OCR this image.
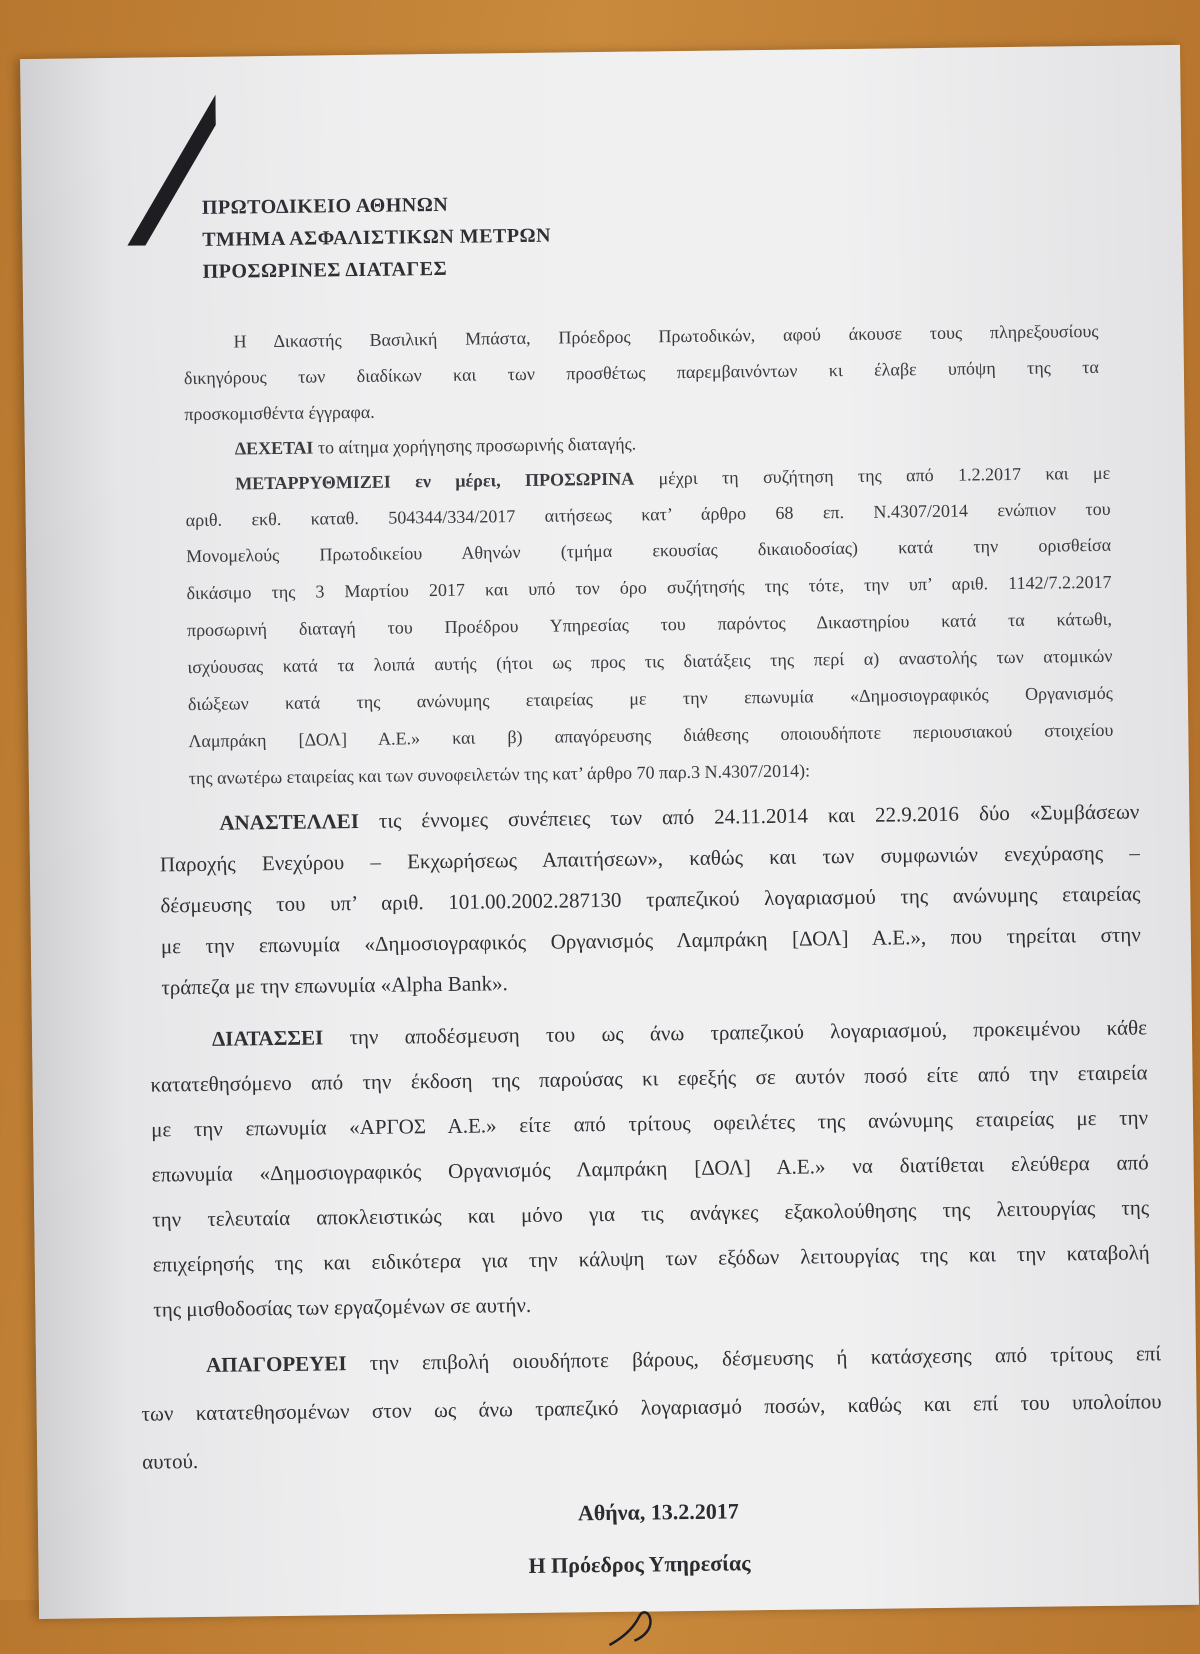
ΠΡΩΤΟΔΙΚΕΙΟ ΑΘΗΝΩΝ
ΤΜΗΜΑ ΑΣΦΑΛΙΣΤΙΚΩΝ ΜΕΤΡΩΝ
ΠΡΟΣΩΡΙΝΕΣ ΔΙΑΤΑΓΕΣ
Η Δικαστής Βασιλική Μπάστα, Πρόεδρος Πρωτοδικών, αφού άκουσε τους πληρεξουσίους
δικηγόρους των διαδίκων και των προσθέτως παρεμβαινόντων κι έλαβε υπόψη της τα
προσκομισθέντα έγγραφα.
ΔΕΧΕΤΑΙ το αίτημα χορήγησης προσωρινής διαταγής.
ΜΕΤΑΡΡΥΘΜΙΖΕΙ εν μέρει, ΠΡΟΣΩΡΙΝΑ μέχρι τη συζήτηση της από 1.2.2017 και με
αριθ. εκθ. καταθ. 504344/334/2017 αιτήσεως κατ’ άρθρο 68 επ. Ν.4307/2014 ενώπιον του
Μονομελούς Πρωτοδικείου Αθηνών (τμήμα εκουσίας δικαιοδοσίας) κατά την ορισθείσα
δικάσιμο της 3 Μαρτίου 2017 και υπό τον όρο συζήτησής της τότε, την υπ’ αριθ. 1142/7.2.2017
προσωρινή διαταγή του Προέδρου Υπηρεσίας του παρόντος Δικαστηρίου κατά τα κάτωθι,
ισχύουσας κατά τα λοιπά αυτής (ήτοι ως προς τις διατάξεις της περί α) αναστολής των ατομικών
διώξεων κατά της ανώνυμης εταιρείας με την επωνυμία «Δημοσιογραφικός Οργανισμός
Λαμπράκη [ΔΟΛ] Α.Ε.» και β) απαγόρευσης διάθεσης οποιουδήποτε περιουσιακού στοιχείου
της ανωτέρω εταιρείας και των συνοφειλετών της κατ’ άρθρο 70 παρ.3 Ν.4307/2014):
ΑΝΑΣΤΕΛΛΕΙ τις έννομες συνέπειες των από 24.11.2014 και 22.9.2016 δύο «Συμβάσεων
Παροχής Ενεχύρου – Εκχωρήσεως Απαιτήσεων», καθώς και των συμφωνιών ενεχύρασης –
δέσμευσης του υπ’ αριθ. 101.00.2002.287130 τραπεζικού λογαριασμού της ανώνυμης εταιρείας
με την επωνυμία «Δημοσιογραφικός Οργανισμός Λαμπράκη [ΔΟΛ] Α.Ε.», που τηρείται στην
τράπεζα με την επωνυμία «Alpha Bank».
ΔΙΑΤΑΣΣΕΙ την αποδέσμευση του ως άνω τραπεζικού λογαριασμού, προκειμένου κάθε
κατατεθησόμενο από την έκδοση της παρούσας κι εφεξής σε αυτόν ποσό είτε από την εταιρεία
με την επωνυμία «ΑΡΓΟΣ Α.Ε.» είτε από τρίτους οφειλέτες της ανώνυμης εταιρείας με την
επωνυμία «Δημοσιογραφικός Οργανισμός Λαμπράκη [ΔΟΛ] Α.Ε.» να διατίθεται ελεύθερα από
την τελευταία αποκλειστικώς και μόνο για τις ανάγκες εξακολούθησης της λειτουργίας της
επιχείρησής της και ειδικότερα για την κάλυψη των εξόδων λειτουργίας της και την καταβολή
της μισθοδοσίας των εργαζομένων σε αυτήν.
ΑΠΑΓΟΡΕΥΕΙ την επιβολή οιουδήποτε βάρους, δέσμευσης ή κατάσχεσης από τρίτους επί
των κατατεθησομένων στον ως άνω τραπεζικό λογαριασμό ποσών, καθώς και επί του υπολοίπου
αυτού.
Αθήνα, 13.2.2017
Η Πρόεδρος Υπηρεσίας
